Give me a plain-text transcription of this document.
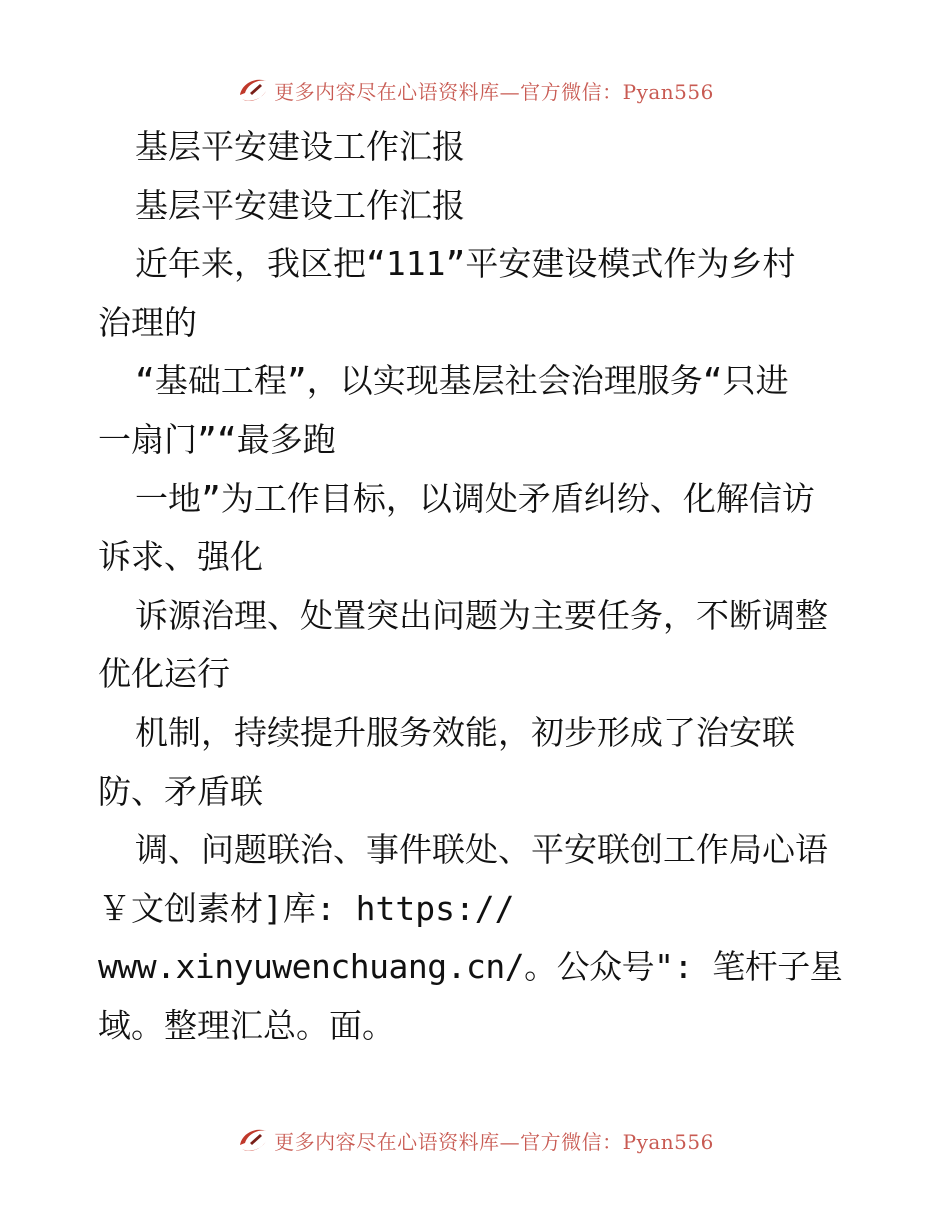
更多内容尽在心语资料库—官方微信：Pyan556
基层平安建设工作汇报
基层平安建设工作汇报
近年来，我区把“111”平安建设模式作为乡村
治理的
“基础工程”，以实现基层社会治理服务“只进
一扇门”“最多跑
一地”为工作目标，以调处矛盾纠纷、化解信访
诉求、强化
诉源治理、处置突出问题为主要任务，不断调整
优化运行
机制，持续提升服务效能，初步形成了治安联
防、矛盾联
调、问题联治、事件联处、平安联创工作局心语
￥文创素材]库: https://
www.xinyuwenchuang.cn/。公众号": 笔杆子星
域。整理汇总。面。
更多内容尽在心语资料库—官方微信：Pyan556
